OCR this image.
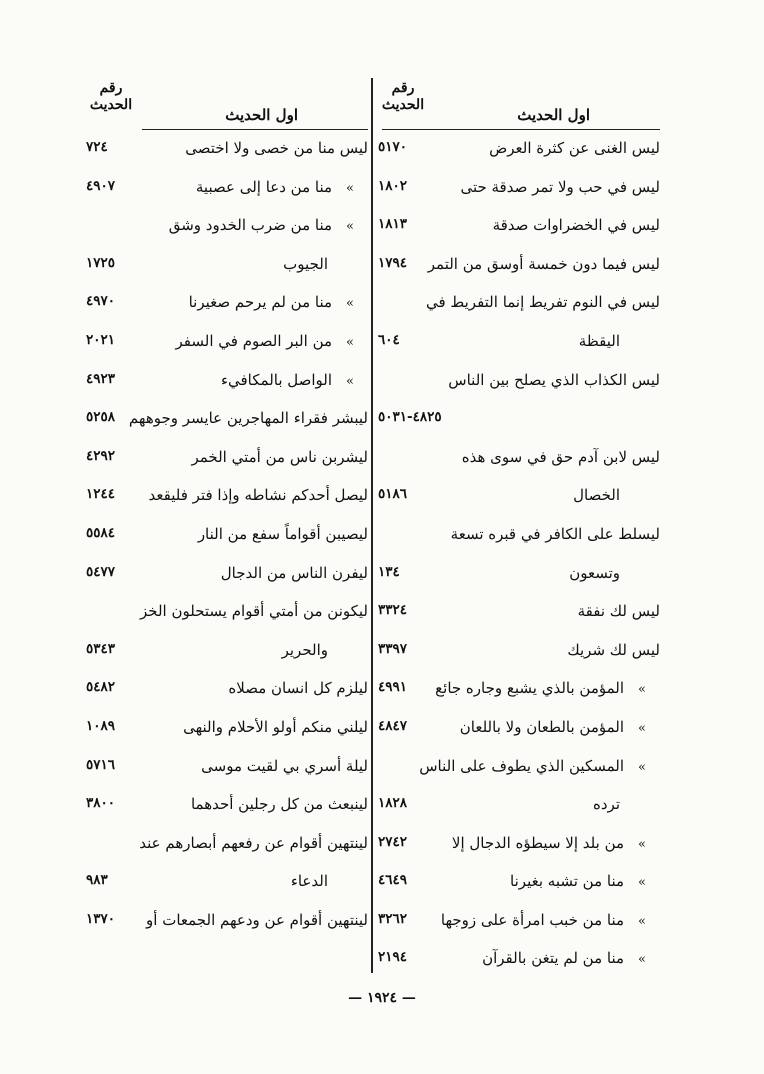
رقم
الحديث
اول الحديث
ليس الغنى عن كثرة العرض
٥١٧٠
ليس في حب ولا تمر صدقة حتى
١٨٠٢
ليس في الخضراوات صدقة
١٨١٣
ليس فيما دون خمسة أوسق من التمر
١٧٩٤
ليس في النوم تفريط إنما التفريط في
اليقظة
٦٠٤
ليس الكذاب الذي يصلح بين الناس
٤٨٢٥-٥٠٣١
ليس لابن آدم حق في سوى هذه
الخصال
٥١٨٦
ليسلط على الكافر في قبره تسعة
وتسعون
١٣٤
ليس لك نفقة
٣٣٢٤
ليس لك شريك
٣٣٩٧
»المؤمن بالذي يشبع وجاره جائع
٤٩٩١
»المؤمن بالطعان ولا باللعان
٤٨٤٧
»المسكين الذي يطوف على الناس
ترده
١٨٢٨
»من بلد إلا سيطؤه الدجال إلا
٢٧٤٢
»منا من تشبه بغيرنا
٤٦٤٩
»منا من خبب امرأة على زوجها
٣٢٦٢
»منا من لم يتغن بالقرآن
٢١٩٤
رقم
الحديث
اول الحديث
ليس منا من خصى ولا اختصى
٧٢٤
»منا من دعا إلى عصبية
٤٩٠٧
»منا من ضرب الخدود وشق
الجيوب
١٧٢٥
»منا من لم يرحم صغيرنا
٤٩٧٠
»من البر الصوم في السفر
٢٠٢١
»الواصل بالمكافيء
٤٩٢٣
ليبشر فقراء المهاجرين عايسر وجوههم
٥٢٥٨
ليشربن ناس من أمتي الخمر
٤٢٩٢
ليصل أحدكم نشاطه وإذا فتر فليقعد
١٢٤٤
ليصيبن أقواماً سفع من النار
٥٥٨٤
ليفرن الناس من الدجال
٥٤٧٧
ليكونن من أمتي أقوام يستحلون الخز
والحرير
٥٣٤٣
ليلزم كل انسان مصلاه
٥٤٨٢
ليلني منكم أولو الأحلام والنهى
١٠٨٩
ليلة أسري بي لقيت موسى
٥٧١٦
لينبعث من كل رجلين أحدهما
٣٨٠٠
لينتهين أقوام عن رفعهم أبصارهم عند
الدعاء
٩٨٣
لينتهين أقوام عن ودعهم الجمعات أو
١٣٧٠
— ١٩٢٤ —
